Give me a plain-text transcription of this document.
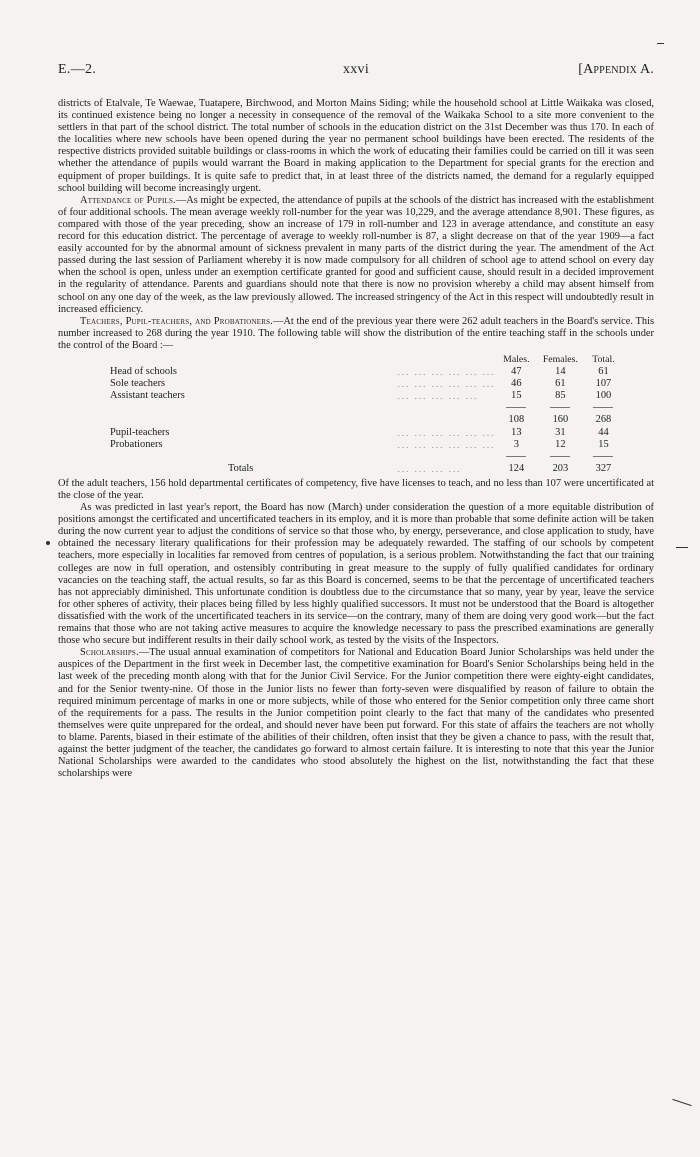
E.—2.	xxvi	[Appendix A.

districts of Etalvale, Te Waewae, Tuatapere, Birchwood, and Morton Mains Siding; while the household school at Little Waikaka was closed, its continued existence being no longer a necessity in consequence of the removal of the Waikaka School to a site more convenient to the settlers in that part of the school district. The total number of schools in the education district on the 31st December was thus 170. In each of the localities where new schools have been opened during the year no permanent school buildings have been erected. The residents of the respective districts provided suitable buildings or class-rooms in which the work of educating their families could be carried on till it was seen whether the attendance of pupils would warrant the Board in making application to the Department for special grants for the erection and equipment of proper buildings. It is quite safe to predict that, in at least three of the districts named, the demand for a regularly equipped school building will become increasingly urgent.

Attendance of Pupils.—As might be expected, the attendance of pupils at the schools of the district has increased with the establishment of four additional schools. The mean average weekly roll-number for the year was 10,229, and the average attendance 8,901. These figures, as compared with those of the year preceding, show an increase of 179 in roll-number and 123 in average attendance, and constitute an easy record for this education district. The percentage of average to weekly roll-number is 87, a slight decrease on that of the year 1909—a fact easily accounted for by the abnormal amount of sickness prevalent in many parts of the district during the year. The amendment of the Act passed during the last session of Parliament whereby it is now made compulsory for all children of school age to attend school on every day when the school is open, unless under an exemption certificate granted for good and sufficient cause, should result in a decided improvement in the regularity of attendance. Parents and guardians should note that there is now no provision whereby a child may absent himself from school on any one day of the week, as the law previously allowed. The increased stringency of the Act in this respect will undoubtedly result in increased efficiency.

Teachers, Pupil-teachers, and Probationers.—At the end of the previous year there were 262 adult teachers in the Board's service. This number increased to 268 during the year 1910. The following table will show the distribution of the entire teaching staff in the schools under the control of the Board :—

		Males.	Females.	Total.	
Head of schools	... ... ... ... ... ...	47	14	61	
Sole teachers	... ... ... ... ... ...	46	61	107	
Assistant teachers	... ... ... ... ...	15	85	100	

		108	160	268	
Pupil-teachers	... ... ... ... ... ...	13	31	44	
Probationers	... ... ... ... ... ...	3	12	15	

Totals	... ... ... ...	124	203	327	

Of the adult teachers, 156 hold departmental certificates of competency, five have licenses to teach, and no less than 107 were uncertificated at the close of the year.

As was predicted in last year's report, the Board has now (March) under consideration the question of a more equitable distribution of positions amongst the certificated and uncertificated teachers in its employ, and it is more than probable that some definite action will be taken during the now current year to adjust the conditions of service so that those who, by energy, perseverance, and close application to study, have obtained the necessary literary qualifications for their profession may be adequately rewarded. The staffing of our schools by competent teachers, more especially in localities far removed from centres of population, is a serious problem. Notwithstanding the fact that our training colleges are now in full operation, and ostensibly contributing in great measure to the supply of fully qualified candidates for ordinary vacancies on the teaching staff, the actual results, so far as this Board is concerned, seems to be that the percentage of uncertificated teachers has not appreciably diminished. This unfortunate condition is doubtless due to the circumstance that so many, year by year, leave the service for other spheres of activity, their places being filled by less highly qualified successors. It must not be understood that the Board is altogether dissatisfied with the work of the uncertificated teachers in its service—on the contrary, many of them are doing very good work—but the fact remains that those who are not taking active measures to acquire the knowledge necessary to pass the prescribed examinations are generally those who secure but indifferent results in their daily school work, as tested by the visits of the Inspectors.

Scholarships.—The usual annual examination of competitors for National and Education Board Junior Scholarships was held under the auspices of the Department in the first week in December last, the competitive examination for Board's Senior Scholarships being held in the last week of the preceding month along with that for the Junior Civil Service. For the Junior competition there were eighty-eight candidates, and for the Senior twenty-nine. Of those in the Junior lists no fewer than forty-seven were disqualified by reason of failure to obtain the required minimum percentage of marks in one or more subjects, while of those who entered for the Senior competition only three came short of the requirements for a pass. The results in the Junior competition point clearly to the fact that many of the candidates who presented themselves were quite unprepared for the ordeal, and should never have been put forward. For this state of affairs the teachers are not wholly to blame. Parents, biased in their estimate of the abilities of their children, often insist that they be given a chance to pass, with the result that, against the better judgment of the teacher, the candidates go forward to almost certain failure. It is interesting to note that this year the Junior National Scholarships were awarded to the candidates who stood absolutely the highest on the list, notwithstanding the fact that these scholarships were
